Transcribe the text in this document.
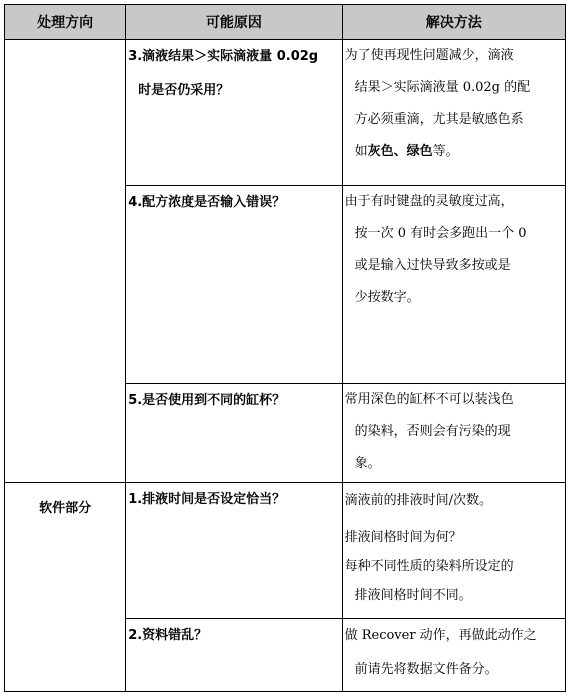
处理方向	可能原因	解决方法
	3.滴液结果＞实际滴液量 0.02g
时是否仍采用？	为了使再现性问题减少，滴液
结果＞实际滴液量 0.02g 的配
方必须重滴，尤其是敏感色系
如灰色、绿色等。

	4.配方浓度是否输入错误？	由于有时键盘的灵敏度过高，
按一次 0 有时会多跑出一个 0
或是输入过快导致多按或是
少按数字。

	5.是否使用到不同的缸杯？	常用深色的缸杯不可以装浅色
的染料，否则会有污染的现
象。

软件部分	1.排液时间是否设定恰当？	滴液前的排液时间/次数。
排液间格时间为何？
每种不同性质的染料所设定的
排液间格时间不同。

	2.资料错乱？	做 Recover 动作，再做此动作之
前请先将数据文件备分。
